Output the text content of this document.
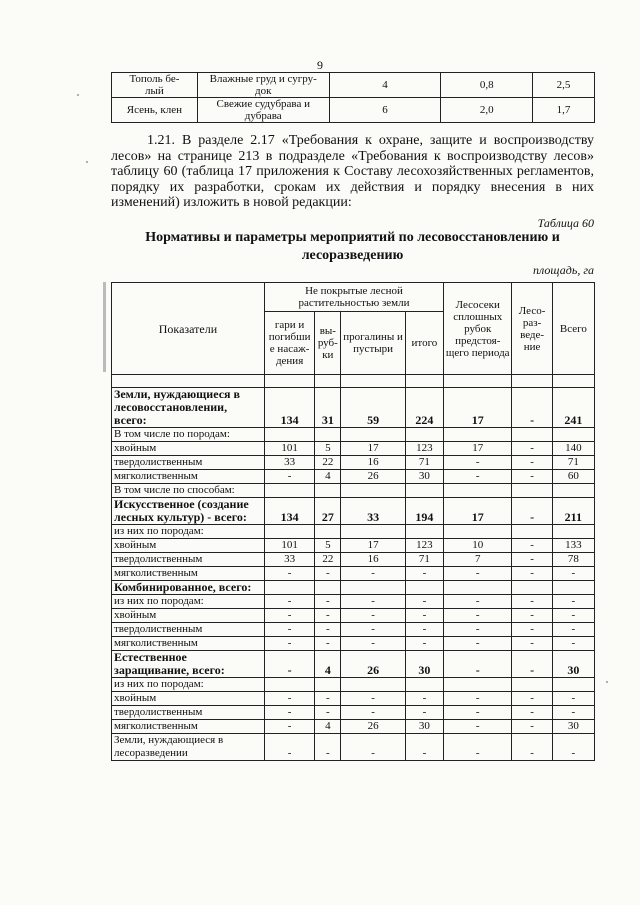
9
Тополь бе-
лый	Влажные груд и сугру-
док	4	0,8	2,5
Ясень, клен	Свежие судубрава и
дубрава	6	2,0	1,7

1.21. В разделе 2.17 «Требования к охране, защите и воспроизводству лесов» на странице 213 в подразделе «Требования к воспроизводству лесов» таблицу 60 (таблица 17 приложения к Составу лесохозяйственных регламентов, порядку их разработки, срокам их действия и порядку внесения в них изменений) изложить в новой редакции:

Таблица 60
Нормативы и параметры мероприятий по лесовосстановлению и лесоразведению
площадь, га
Показатели	Не покрытые лесной растительностью земли				Лесосеки сплошных рубок предстоя-щего периода	Лесо-раз-веде-ние	Всего
	гари и погибши е насаж-дения	вы-руб-ки	прогалины и пустыри	итого			

Земли, нуждающиеся в лесовосстановлении, всего:	134	31	59	224	17	-	241
В том числе по породам:							
хвойным	101	5	17	123	17	-	140
твердолиственным	33	22	16	71	-	-	71
мягколиственным	-	4	26	30	-	-	60
В том числе по способам:							
Искусственное (создание лесных культур) - всего:	134	27	33	194	17	-	211
из них по породам:							
хвойным	101	5	17	123	10	-	133
твердолиственным	33	22	16	71	7	-	78
мягколиственным	-	-	-	-	-	-	-
Комбинированное, всего:							
из них по породам:	-	-	-	-	-	-	-
хвойным	-	-	-	-	-	-	-
твердолиственным	-	-	-	-	-	-	-
мягколиственным	-	-	-	-	-	-	-
Естественное заращивание, всего:	-	4	26	30	-	-	30
из них по породам:							
хвойным	-	-	-	-	-	-	-
твердолиственным	-	-	-	-	-	-	-
мягколиственным	-	4	26	30	-	-	30
Земли, нуждающиеся в лесоразведении	-	-	-	-	-	-	-
